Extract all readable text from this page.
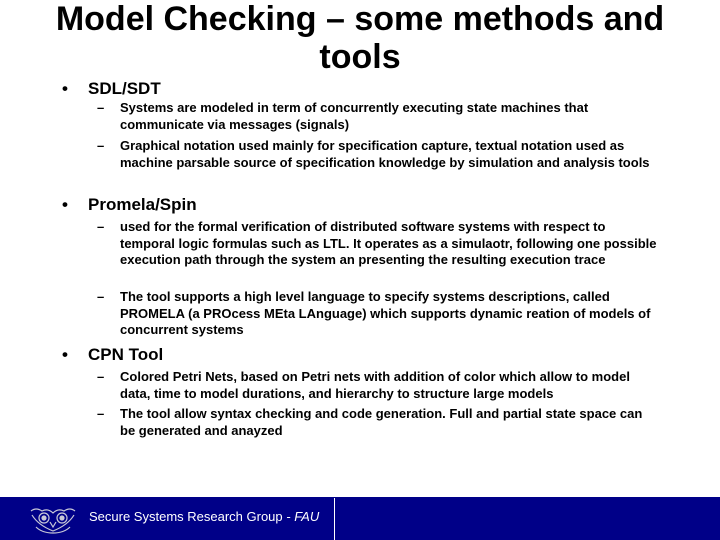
Model Checking – some methods and tools
• SDL/SDT
– Systems are modeled in term of concurrently executing state machines that communicate via messages (signals)
– Graphical notation used mainly for specification capture, textual notation used as machine parsable source of specification knowledge by simulation and analysis tools
• Promela/Spin
– used for the formal verification of distributed software systems with respect to temporal logic formulas such as LTL. It operates as a simulaotr, following one possible execution path through the system an presenting the resulting execution trace
– The tool supports a high level language to specify systems descriptions, called PROMELA (a PROcess MEta LAnguage) which supports dynamic reation of models of concurrent systems
• CPN Tool
– Colored Petri Nets, based on Petri nets with addition of color which allow to model data, time to model durations, and hierarchy to structure large models
– The tool allow syntax checking and code generation. Full and partial state space can be generated and anayzed
Secure Systems Research Group - FAU
